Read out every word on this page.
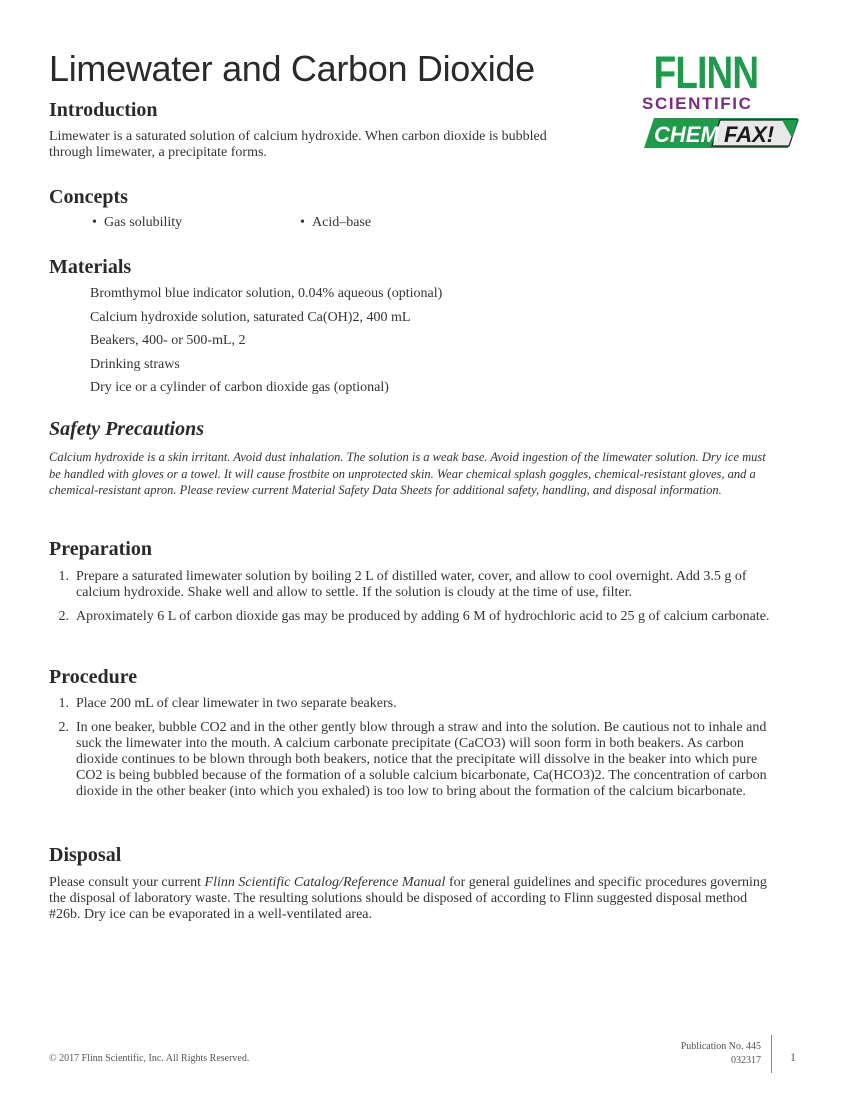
Limewater and Carbon Dioxide	FLINN
SCIENTIFIC
CHEM FAX!
Introduction

Limewater is a saturated solution of calcium hydroxide. When carbon dioxide is bubbled through limewater, a precipitate forms.

Concepts
• Gas solubility	• Acid–base
Materials
Bromthymol blue indicator solution, 0.04% aqueous (optional)
Calcium hydroxide solution, saturated Ca(OH)2, 400 mL
Beakers, 400- or 500-mL, 2
Drinking straws
Dry ice or a cylinder of carbon dioxide gas (optional)
Safety Precautions

Calcium hydroxide is a skin irritant. Avoid dust inhalation. The solution is a weak base. Avoid ingestion of the limewater solution. Dry ice must be handled with gloves or a towel. It will cause frostbite on unprotected skin. Wear chemical splash goggles, chemical-resistant gloves, and a chemical-resistant apron. Please review current Material Safety Data Sheets for additional safety, handling, and disposal information.

Preparation
1. Prepare a saturated limewater solution by boiling 2 L of distilled water, cover, and allow to cool overnight. Add 3.5 g of calcium hydroxide. Shake well and allow to settle. If the solution is cloudy at the time of use, filter.
2. Aproximately 6 L of carbon dioxide gas may be produced by adding 6 M of hydrochloric acid to 25 g of calcium carbonate.
Procedure
1. Place 200 mL of clear limewater in two separate beakers.
2. In one beaker, bubble CO2 and in the other gently blow through a straw and into the solution. Be cautious not to inhale and suck the limewater into the mouth. A calcium carbonate precipitate (CaCO3) will soon form in both beakers. As carbon dioxide continues to be blown through both beakers, notice that the precipitate will dissolve in the beaker into which pure CO2 is being bubbled because of the formation of a soluble calcium bicarbonate, Ca(HCO3)2. The concentration of carbon dioxide in the other beaker (into which you exhaled) is too low to bring about the formation of the calcium bicarbonate.
Disposal

Please consult your current Flinn Scientific Catalog/Reference Manual for general guidelines and specific procedures governing the disposal of laboratory waste. The resulting solutions should be disposed of according to Flinn suggested disposal method #26b. Dry ice can be evaporated in a well-ventilated area.

© 2017 Flinn Scientific, Inc. All Rights Reserved.
Publication No. 445
032317 1
